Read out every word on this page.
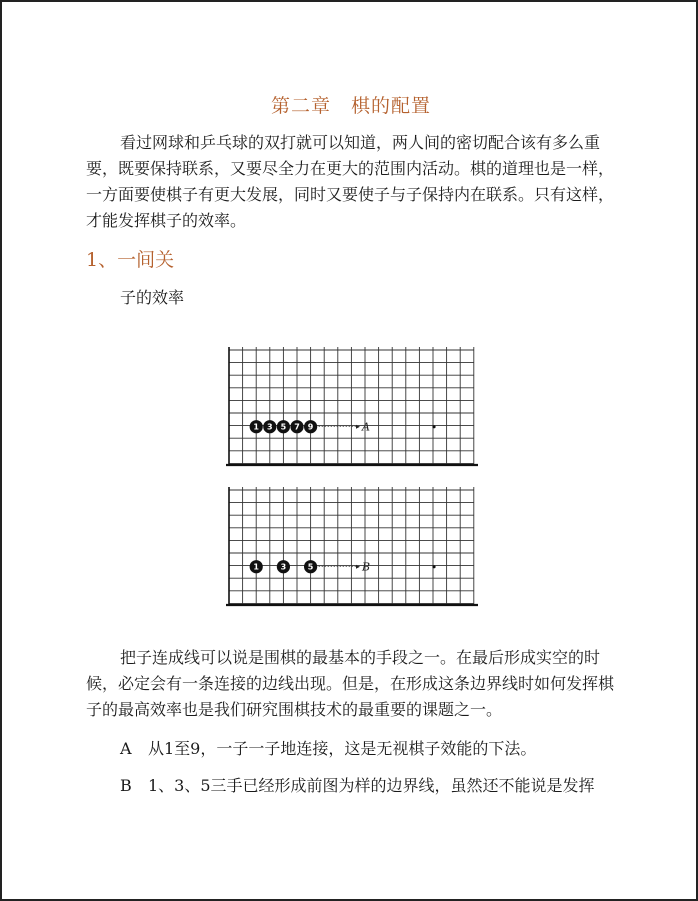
第二章　棋的配置
看过网球和乒乓球的双打就可以知道，两人间的密切配合该有多么重要，既要保持联系，又要尽全力在更大的范围内活动。棋的道理也是一样，一方面要使棋子有更大发展，同时又要使子与子保持内在联系。只有这样，才能发挥棋子的效率。
1、一间关
子的效率
1 3 5 7 9	A
1	3	5	B
把子连成线可以说是围棋的最基本的手段之一。在最后形成实空的时候，必定会有一条连接的边线出现。但是，在形成这条边界线时如何发挥棋子的最高效率也是我们研究围棋技术的最重要的课题之一。
A 从1至9，一子一子地连接，这是无视棋子效能的下法。
B 1、3、5三手已经形成前图为样的边界线，虽然还不能说是发挥
